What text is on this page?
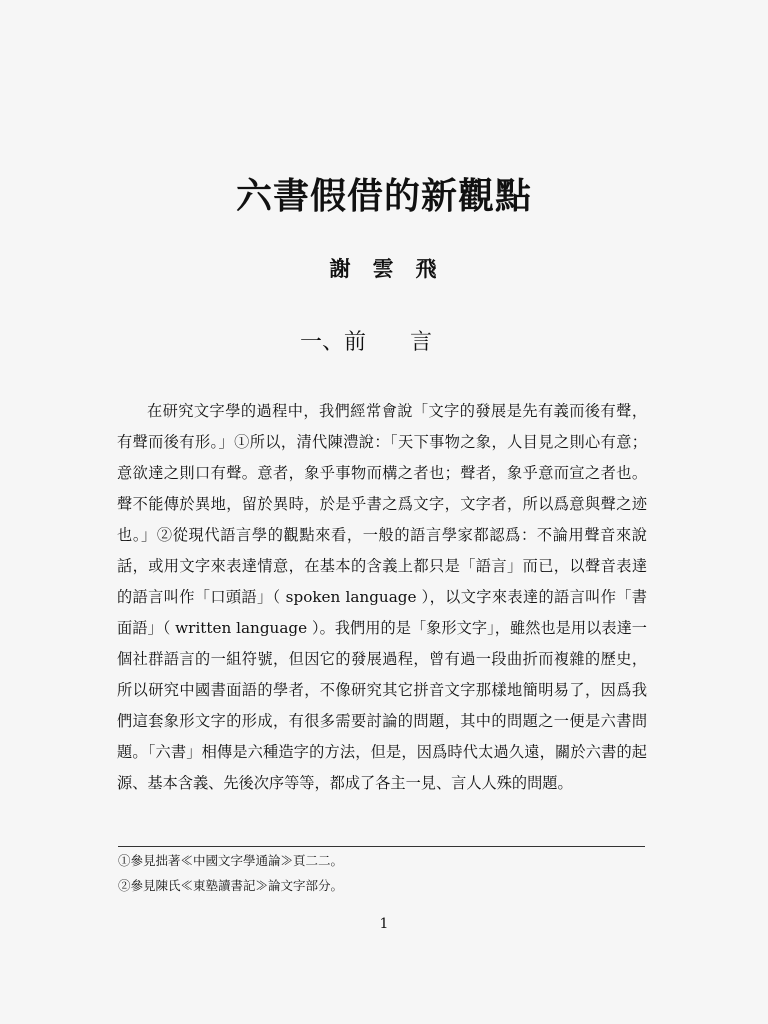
六書假借的新觀點
謝雲飛
一、前　　言

在研究文字學的過程中，我們經常會說「文字的發展是先有義而後有聲，有聲而後有形。」①所以，清代陳澧說：「天下事物之象，人目見之則心有意；意欲達之則口有聲。意者，象乎事物而構之者也；聲者，象乎意而宣之者也。聲不能傳於異地，留於異時，於是乎書之爲文字，文字者，所以爲意與聲之迹也。」②從現代語言學的觀點來看，一般的語言學家都認爲：不論用聲音來說話，或用文字來表達情意，在基本的含義上都只是「語言」而已，以聲音表達的語言叫作「口頭語」（ spoken language ），以文字來表達的語言叫作「書面語」（ written language ）。我們用的是「象形文字」，雖然也是用以表達一個社群語言的一組符號，但因它的發展過程，曾有過一段曲折而複雜的歷史，所以研究中國書面語的學者，不像研究其它拼音文字那樣地簡明易了，因爲我們這套象形文字的形成，有很多需要討論的問題，其中的問題之一便是六書問題。「六書」相傳是六種造字的方法，但是，因爲時代太過久遠，關於六書的起源、基本含義、先後次序等等，都成了各主一見、言人人殊的問題。

①參見拙著≪中國文字學通論≫頁二二。
②參見陳氏≪東塾讀書記≫論文字部分。
1
